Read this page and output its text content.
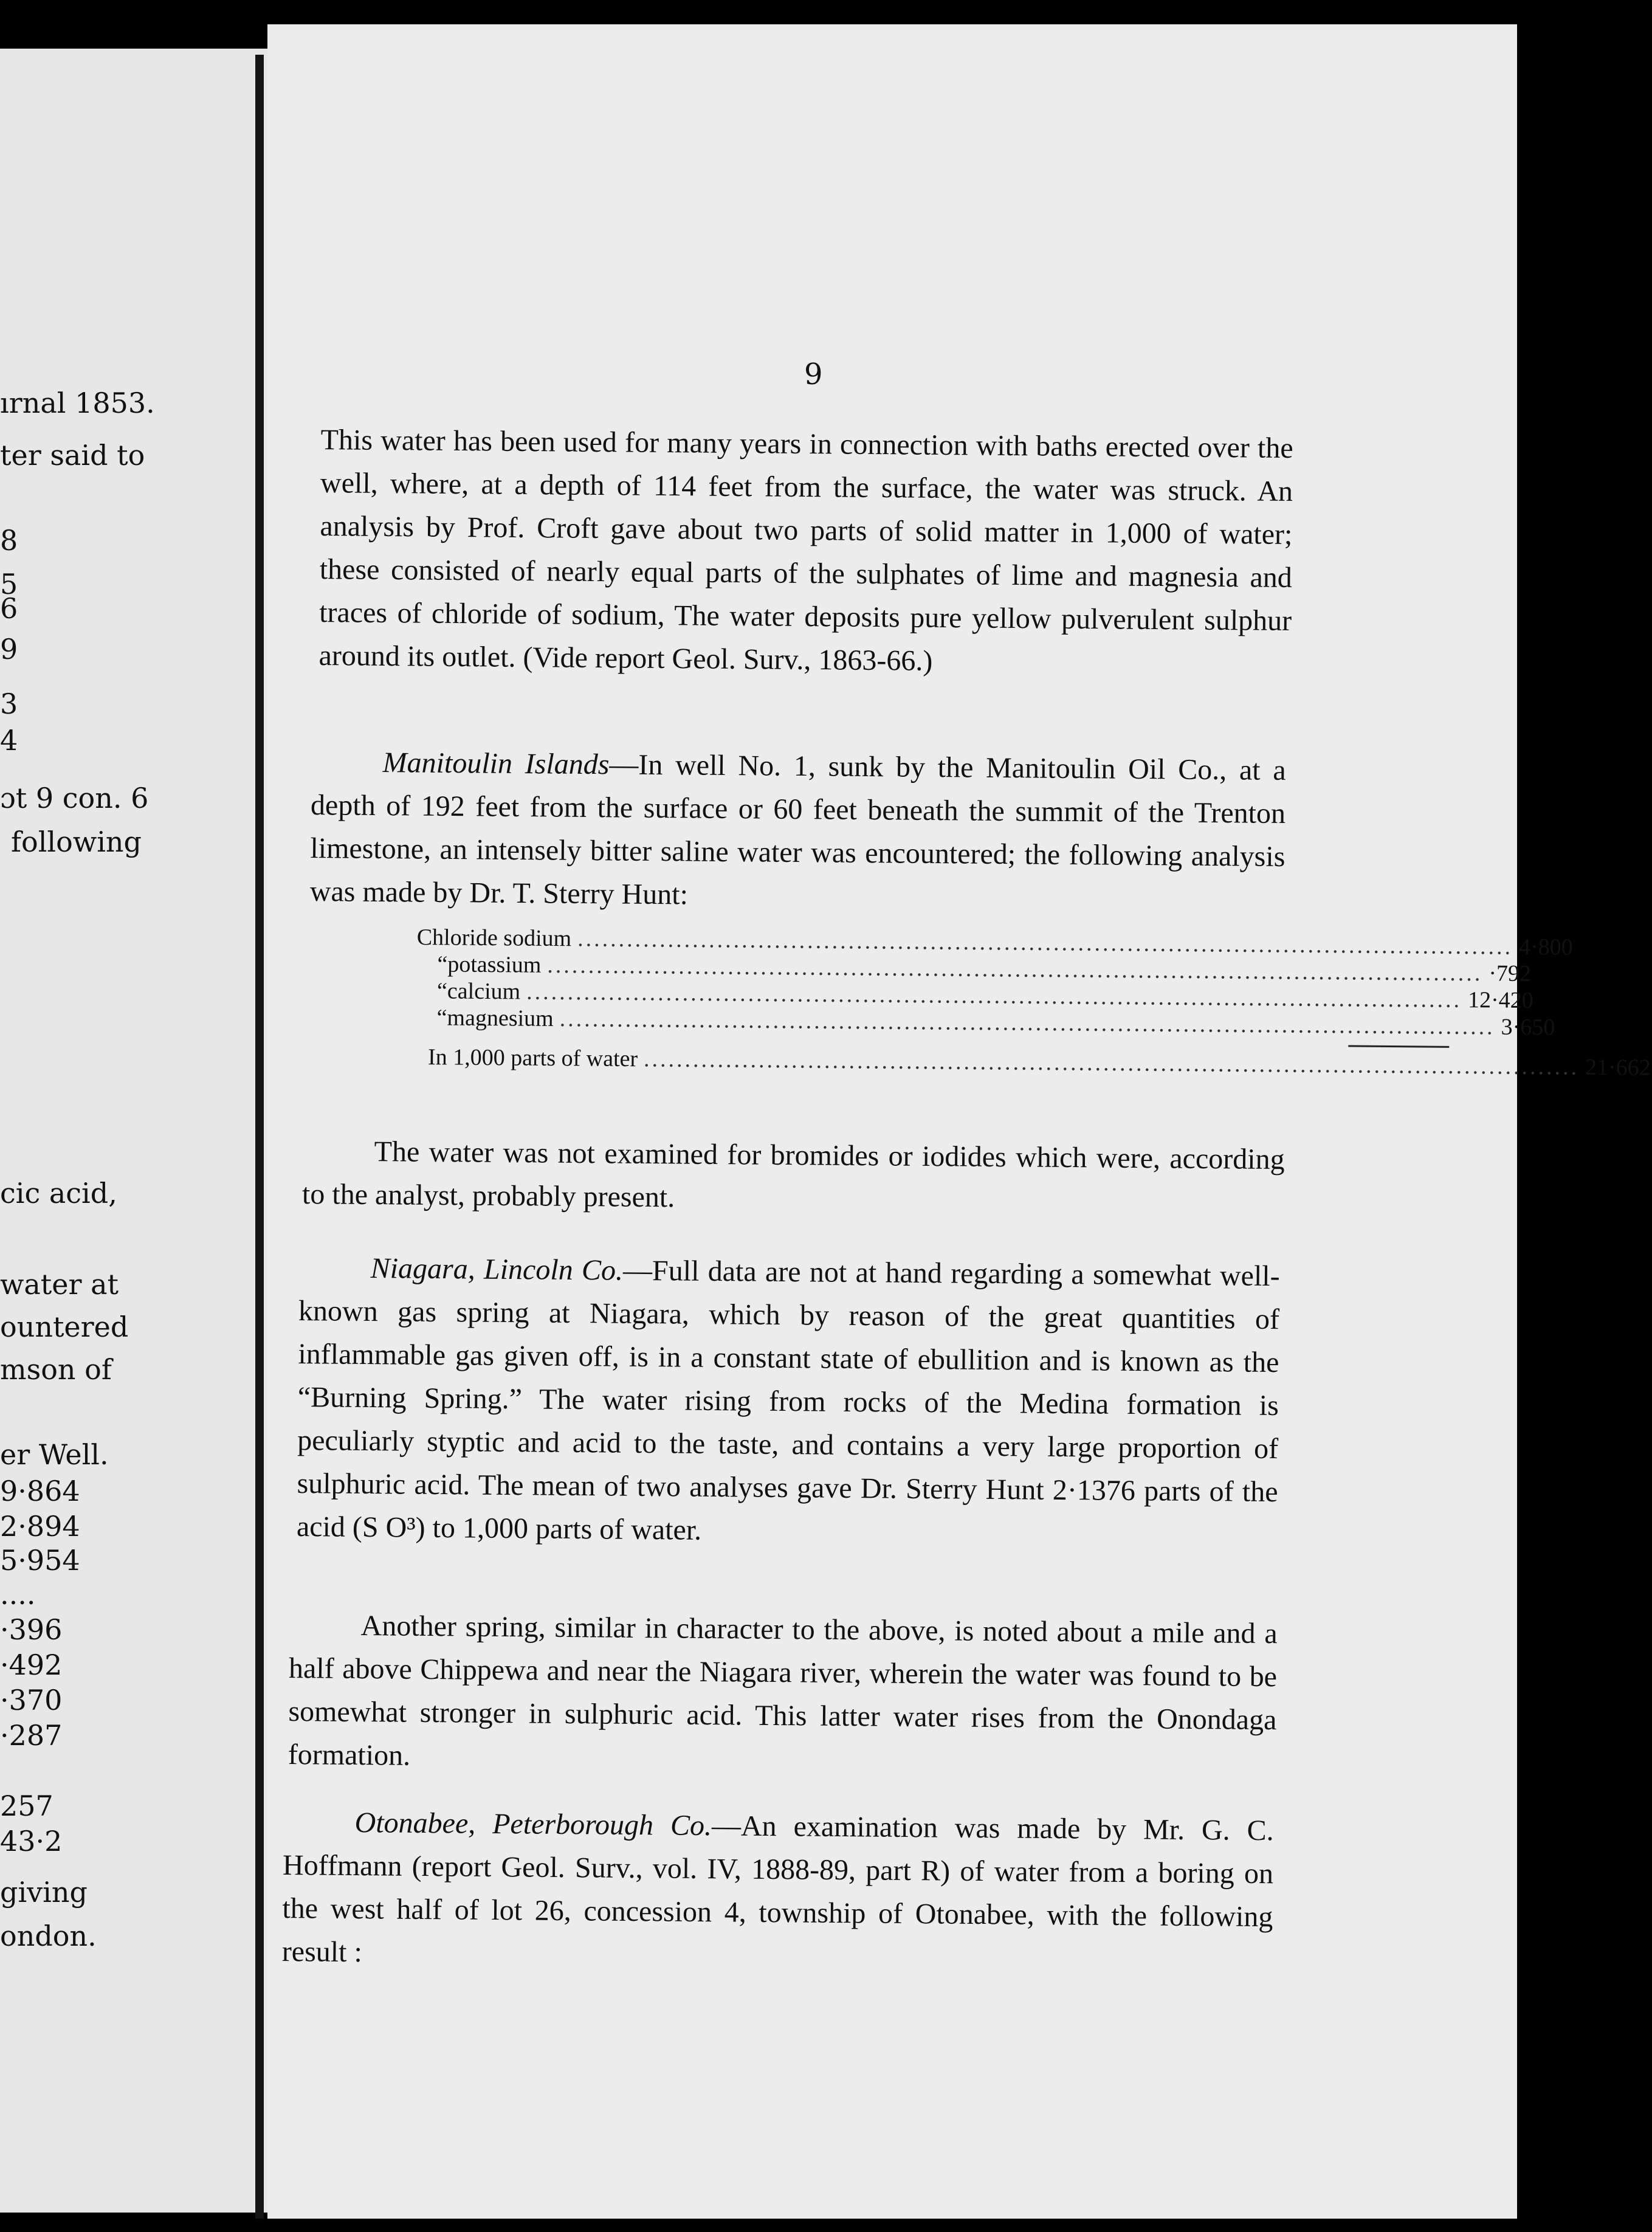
ırnal 1853.
ter said to
8
5
6
9
3
4
ɔt 9 con. 6
following
cic acid,
water at
ountered
mson of
er Well.
9·864
2·894
5·954
....
·396
·492
·370
·287
257
43·2
giving
ondon.
9

This water has been used for many years in connection with baths erected over the well, where, at a depth of 114 feet from the surface, the water was struck. An analysis by Prof. Croft gave about two parts of solid matter in 1,000 of water; these consisted of nearly equal parts of the sulphates of lime and magnesia and traces of chloride of sodium, The water deposits pure yellow pulverulent sulphur around its outlet. (Vide report Geol. Surv., 1863-66.)

Manitoulin Islands—In well No. 1, sunk by the Manitoulin Oil Co., at a depth of 192 feet from the surface or 60 feet beneath the summit of the Trenton limestone, an intensely bitter saline water was encountered; the following analysis was made by Dr. T. Sterry Hunt:

Chloride sodium .................................................................................................................. 4·800
“ potassium .................................................................................................................. ·792
“ calcium .................................................................................................................. 12·420
“ magnesium .................................................................................................................. 3·650
In 1,000 parts of water .................................................................................................................. 21·662

The water was not examined for bromides or iodides which were, according to the analyst, probably present.

Niagara, Lincoln Co.—Full data are not at hand regarding a somewhat well-known gas spring at Niagara, which by reason of the great quantities of inflammable gas given off, is in a constant state of ebullition and is known as the “Burning Spring.” The water rising from rocks of the Medina formation is peculiarly styptic and acid to the taste, and contains a very large proportion of sulphuric acid. The mean of two analyses gave Dr. Sterry Hunt 2·1376 parts of the acid (S O³) to 1,000 parts of water.

Another spring, similar in character to the above, is noted about a mile and a half above Chippewa and near the Niagara river, wherein the water was found to be somewhat stronger in sulphuric acid. This latter water rises from the Onondaga formation.

Otonabee, Peterborough Co.—An examination was made by Mr. G. C. Hoffmann (report Geol. Surv., vol. IV, 1888-89, part R) of water from a boring on the west half of lot 26, concession 4, township of Otonabee, with the following result :
